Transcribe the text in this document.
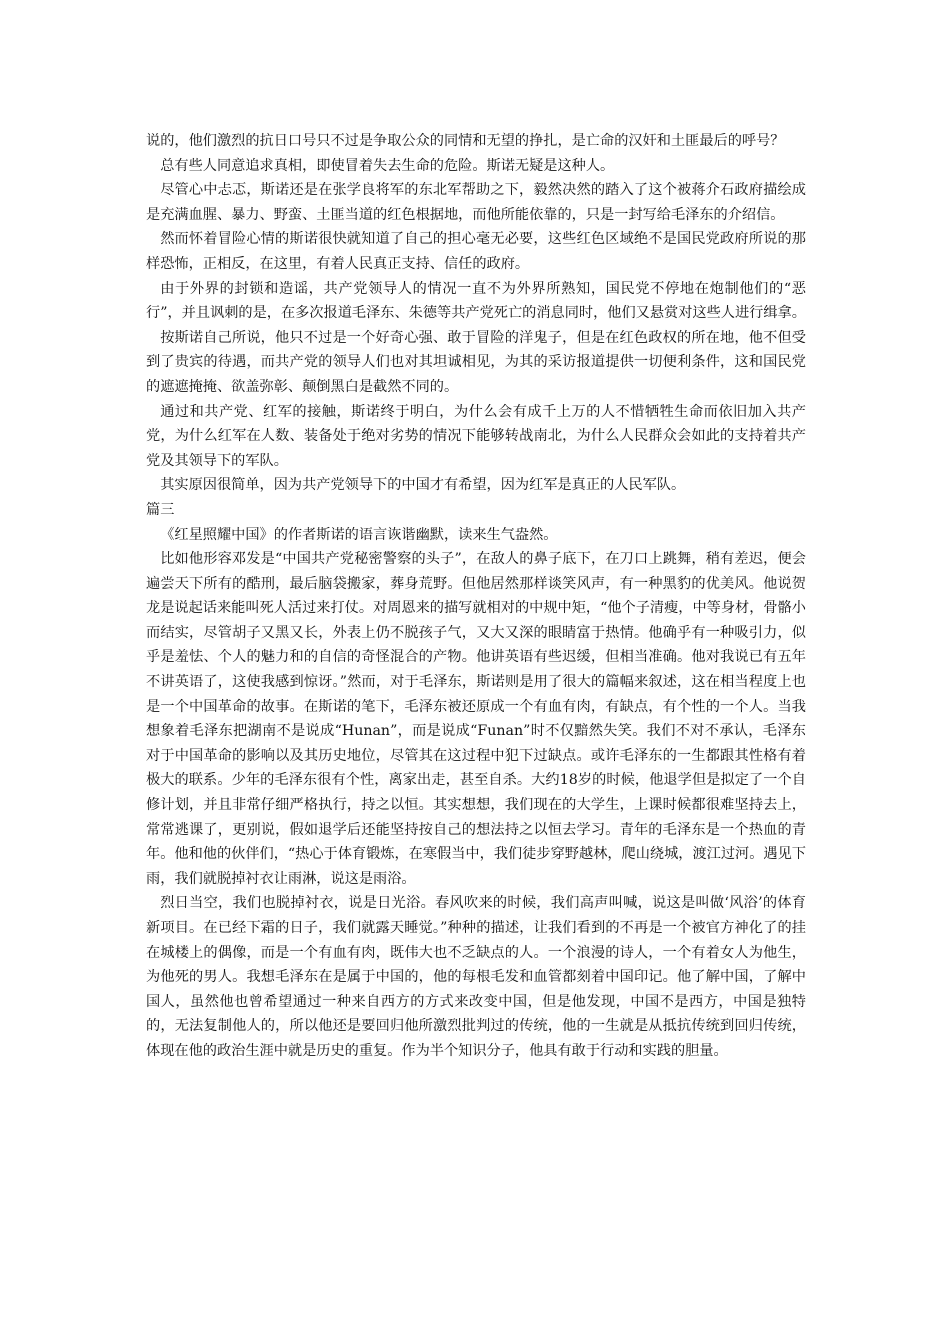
说的，他们激烈的抗日口号只不过是争取公众的同情和无望的挣扎，是亡命的汉奸和土匪最后的呼号？

总有些人同意追求真相，即使冒着失去生命的危险。斯诺无疑是这种人。

尽管心中忐忑，斯诺还是在张学良将军的东北军帮助之下，毅然决然的踏入了这个被蒋介石政府描绘成是充满血腥、暴力、野蛮、土匪当道的红色根据地，而他所能依靠的，只是一封写给毛泽东的介绍信。

然而怀着冒险心情的斯诺很快就知道了自己的担心毫无必要，这些红色区域绝不是国民党政府所说的那样恐怖，正相反，在这里，有着人民真正支持、信任的政府。

由于外界的封锁和造谣，共产党领导人的情况一直不为外界所熟知，国民党不停地在炮制他们的“恶行”，并且讽刺的是，在多次报道毛泽东、朱德等共产党死亡的消息同时，他们又悬赏对这些人进行缉拿。

按斯诺自己所说，他只不过是一个好奇心强、敢于冒险的洋鬼子，但是在红色政权的所在地，他不但受到了贵宾的待遇，而共产党的领导人们也对其坦诚相见，为其的采访报道提供一切便利条件，这和国民党的遮遮掩掩、欲盖弥彰、颠倒黑白是截然不同的。

通过和共产党、红军的接触，斯诺终于明白，为什么会有成千上万的人不惜牺牲生命而依旧加入共产党，为什么红军在人数、装备处于绝对劣势的情况下能够转战南北，为什么人民群众会如此的支持着共产党及其领导下的军队。

其实原因很简单，因为共产党领导下的中国才有希望，因为红军是真正的人民军队。

篇三

《红星照耀中国》的作者斯诺的语言诙谐幽默，读来生气盎然。

比如他形容邓发是“中国共产党秘密警察的头子”，在敌人的鼻子底下，在刀口上跳舞，稍有差迟，便会遍尝天下所有的酷刑，最后脑袋搬家，葬身荒野。但他居然那样谈笑风声，有一种黑豹的优美风。他说贺龙是说起话来能叫死人活过来打仗。对周恩来的描写就相对的中规中矩，“他个子清瘦，中等身材，骨骼小而结实，尽管胡子又黑又长，外表上仍不脱孩子气，又大又深的眼睛富于热情。他确乎有一种吸引力，似乎是羞怯、个人的魅力和的自信的奇怪混合的产物。他讲英语有些迟缓，但相当准确。他对我说已有五年不讲英语了，这使我感到惊讶。”然而，对于毛泽东，斯诺则是用了很大的篇幅来叙述，这在相当程度上也是一个中国革命的故事。在斯诺的笔下，毛泽东被还原成一个有血有肉，有缺点，有个性的一个人。当我想象着毛泽东把湖南不是说成“Hunan”，而是说成“Funan”时不仅黯然失笑。我们不对不承认，毛泽东对于中国革命的影响以及其历史地位，尽管其在这过程中犯下过缺点。或许毛泽东的一生都跟其性格有着极大的联系。少年的毛泽东很有个性，离家出走，甚至自杀。大约18岁的时候，他退学但是拟定了一个自修计划，并且非常仔细严格执行，持之以恒。其实想想，我们现在的大学生，上课时候都很难坚持去上，常常逃课了，更别说，假如退学后还能坚持按自己的想法持之以恒去学习。青年的毛泽东是一个热血的青年。他和他的伙伴们，“热心于体育锻炼，在寒假当中，我们徒步穿野越林，爬山绕城，渡江过河。遇见下雨，我们就脱掉衬衣让雨淋，说这是雨浴。

烈日当空，我们也脱掉衬衣，说是日光浴。春风吹来的时候，我们高声叫喊，说这是叫做‘风浴’的体育新项目。在已经下霜的日子，我们就露天睡觉。”种种的描述，让我们看到的不再是一个被官方神化了的挂在城楼上的偶像，而是一个有血有肉，既伟大也不乏缺点的人。一个浪漫的诗人，一个有着女人为他生，为他死的男人。我想毛泽东在是属于中国的，他的每根毛发和血管都刻着中国印记。他了解中国，了解中国人，虽然他也曾希望通过一种来自西方的方式来改变中国，但是他发现，中国不是西方，中国是独特的，无法复制他人的，所以他还是要回归他所激烈批判过的传统，他的一生就是从抵抗传统到回归传统，体现在他的政治生涯中就是历史的重复。作为半个知识分子，他具有敢于行动和实践的胆量。
